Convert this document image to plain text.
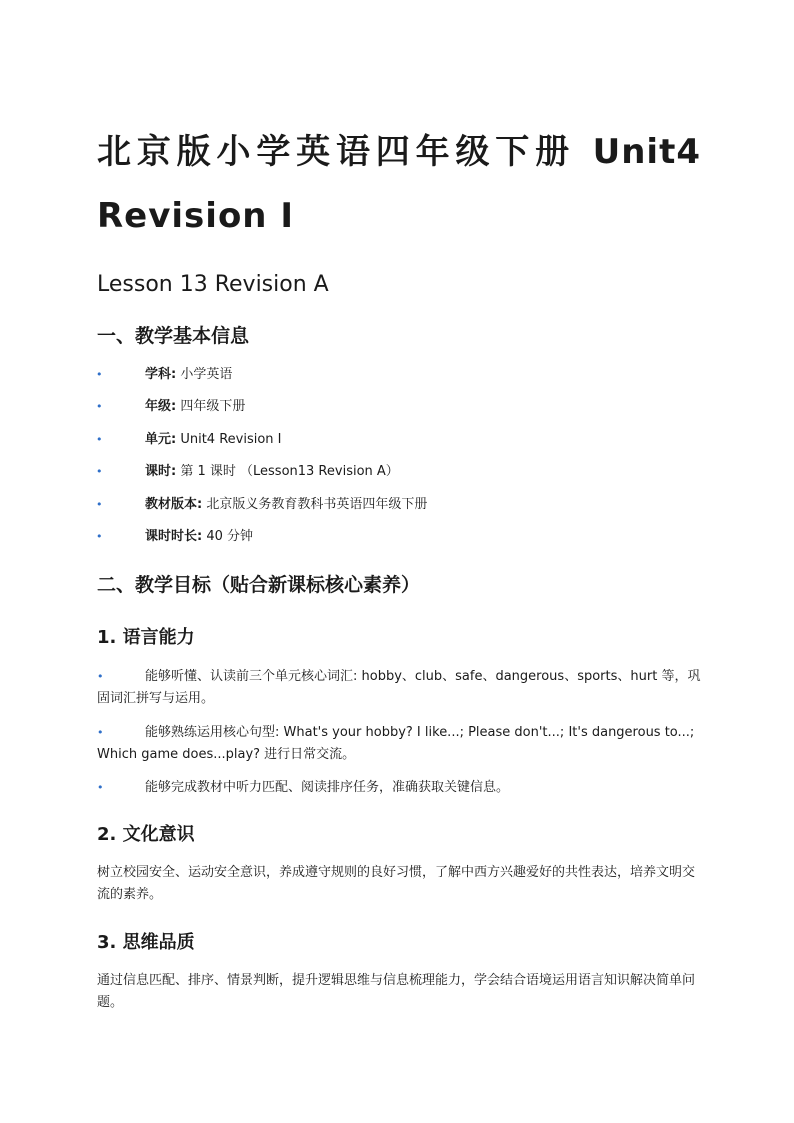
北京版小学英语四年级下册 Unit4
Revision Ⅰ
Lesson 13 Revision A
一、教学基本信息
•	学科: 小学英语
•	年级: 四年级下册
•	单元: Unit4 Revision Ⅰ
•	课时: 第 1 课时 （Lesson13 Revision A）
•	教材版本: 北京版义务教育教科书英语四年级下册
•	课时时长: 40 分钟
二、教学目标（贴合新课标核心素养）
1. 语言能力

•	能够听懂、认读前三个单元核心词汇: hobby、club、safe、dangerous、sports、hurt 等，巩固词汇拼写与运用。

•	能够熟练运用核心句型: What's your hobby? I like...; Please don't...; It's dangerous to...; Which game does...play? 进行日常交流。

•	能够完成教材中听力匹配、阅读排序任务，准确获取关键信息。

2. 文化意识

树立校园安全、运动安全意识，养成遵守规则的良好习惯，了解中西方兴趣爱好的共性表达，培养文明交流的素养。

3. 思维品质

通过信息匹配、排序、情景判断，提升逻辑思维与信息梳理能力，学会结合语境运用语言知识解决简单问题。
